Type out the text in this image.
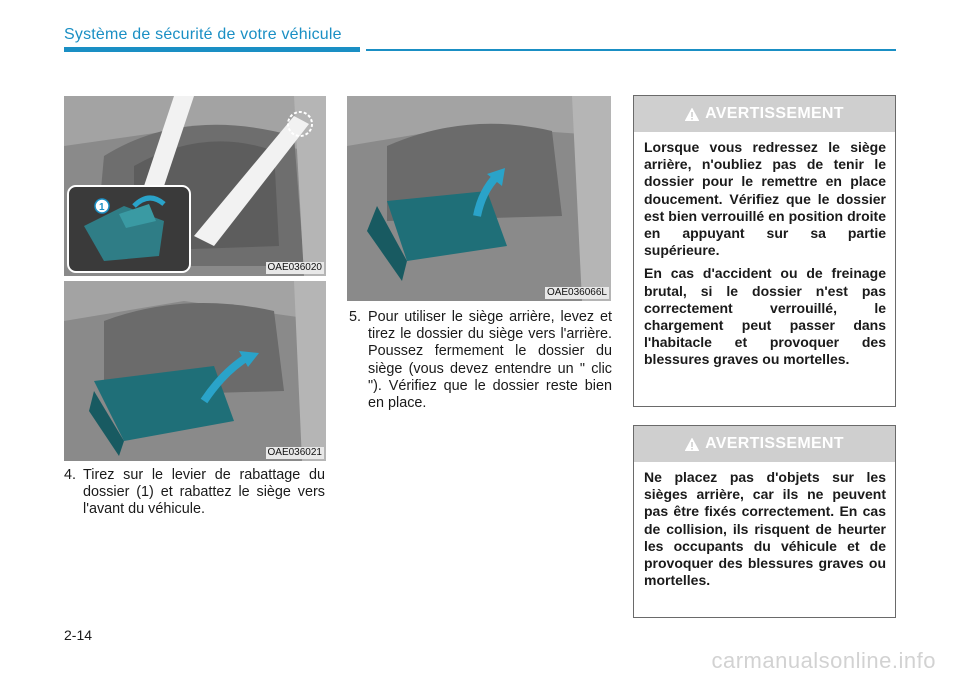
Système de sécurité de votre véhicule
1
OAE036020
OAE036021
OAE036066L
4. Tirez sur le levier de rabattage du dossier (1) et rabattez le siège vers l'avant du véhicule.
5. Pour utiliser le siège arrière, levez et tirez le dossier du siège vers l'arrière. Poussez fermement le dossier du siège (vous devez entendre un " clic "). Vérifiez que le dossier reste bien en place.
AVERTISSEMENT

Lorsque vous redressez le siège arrière, n'oubliez pas de tenir le dossier pour le remettre en place doucement. Vérifiez que le dossier est bien verrouillé en position droite en appuyant sur sa partie supérieure.

En cas d'accident ou de freinage brutal, si le dossier n'est pas correctement verrouillé, le chargement peut passer dans l'habitacle et provoquer des blessures graves ou mortelles.

AVERTISSEMENT

Ne placez pas d'objets sur les sièges arrière, car ils ne peuvent pas être fixés correctement. En cas de collision, ils risquent de heurter les occupants du véhicule et de provoquer des blessures graves ou mortelles.

2-14
carmanualsonline.info
